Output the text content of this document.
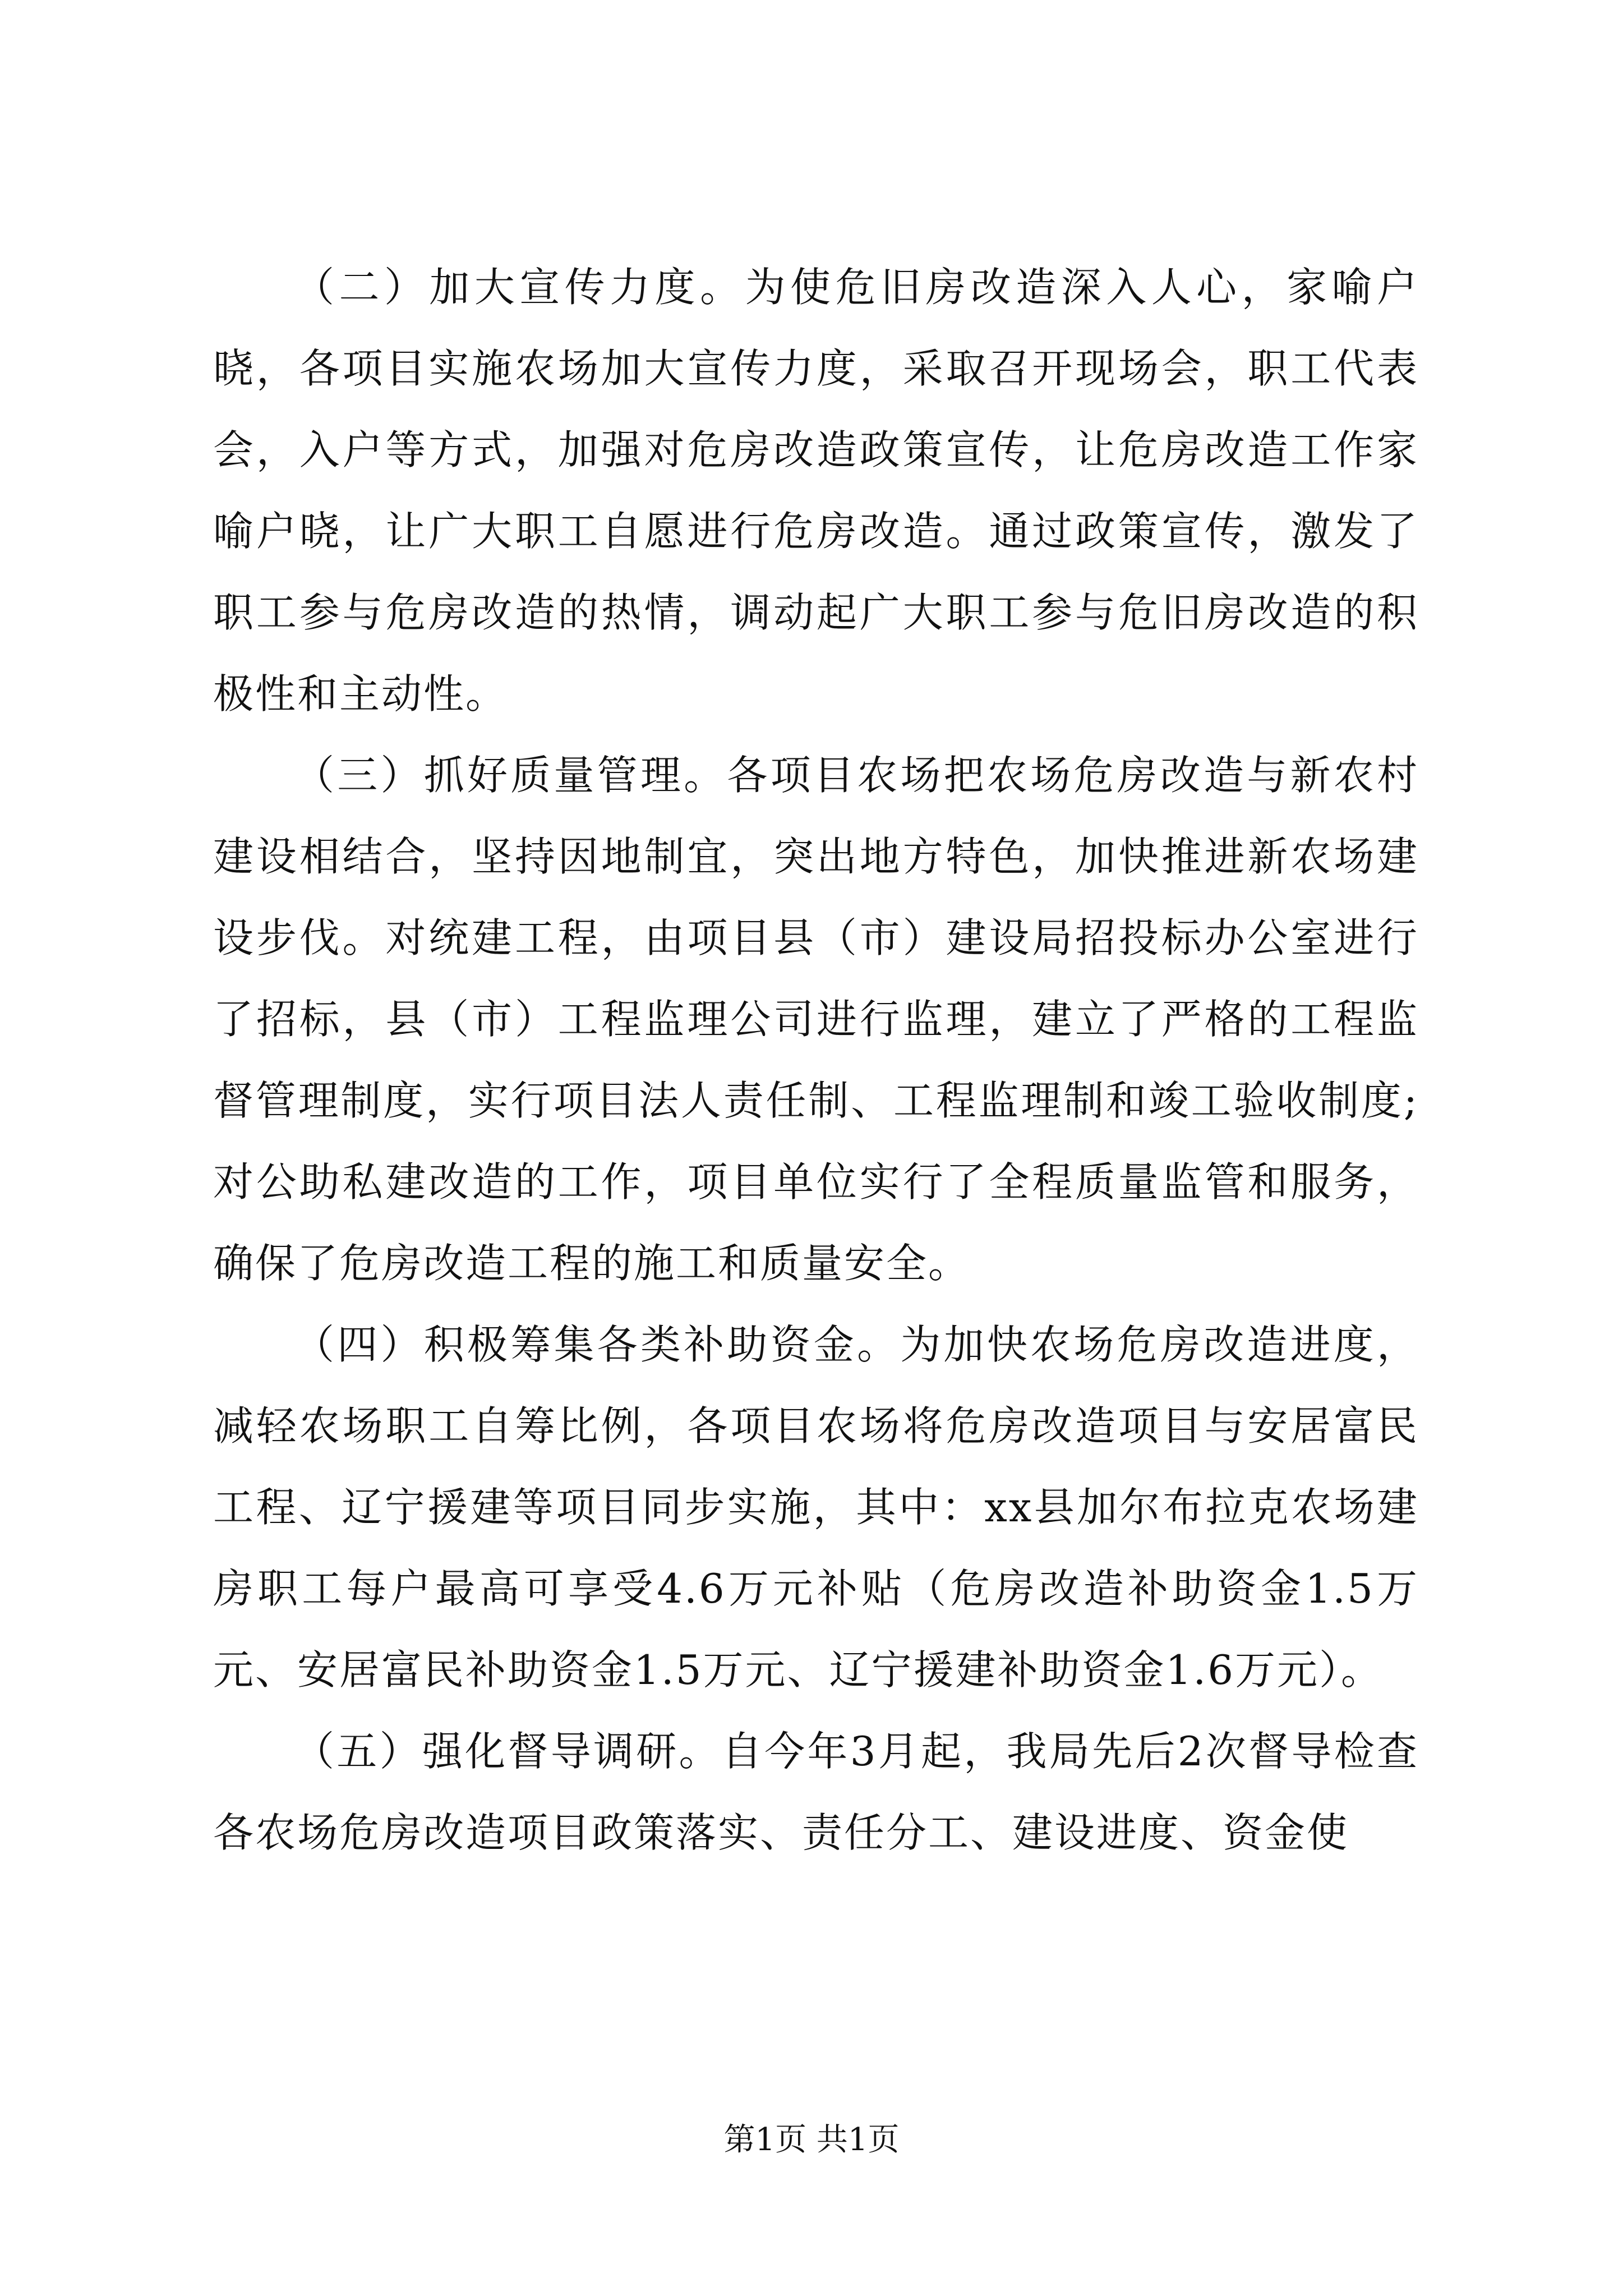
（二）加大宣传力度。为使危旧房改造深入人心，家喻户晓，各项目实施农场加大宣传力度，采取召开现场会，职工代表会，入户等方式，加强对危房改造政策宣传，让危房改造工作家喻户晓，让广大职工自愿进行危房改造。通过政策宣传，激发了职工参与危房改造的热情，调动起广大职工参与危旧房改造的积极性和主动性。

（三）抓好质量管理。各项目农场把农场危房改造与新农村建设相结合，坚持因地制宜，突出地方特色，加快推进新农场建设步伐。对统建工程，由项目县（市）建设局招投标办公室进行了招标，县（市）工程监理公司进行监理，建立了严格的工程监督管理制度，实行项目法人责任制、工程监理制和竣工验收制度;对公助私建改造的工作，项目单位实行了全程质量监管和服务，确保了危房改造工程的施工和质量安全。

（四）积极筹集各类补助资金。为加快农场危房改造进度，减轻农场职工自筹比例，各项目农场将危房改造项目与安居富民工程、辽宁援建等项目同步实施，其中：xx县加尔布拉克农场建房职工每户最高可享受4.6万元补贴（危房改造补助资金1.5万元、安居富民补助资金1.5万元、辽宁援建补助资金1.6万元）。

（五）强化督导调研。自今年3月起，我局先后2次督导检查各农场危房改造项目政策落实、责任分工、建设进度、资金使

第1页 共1页
